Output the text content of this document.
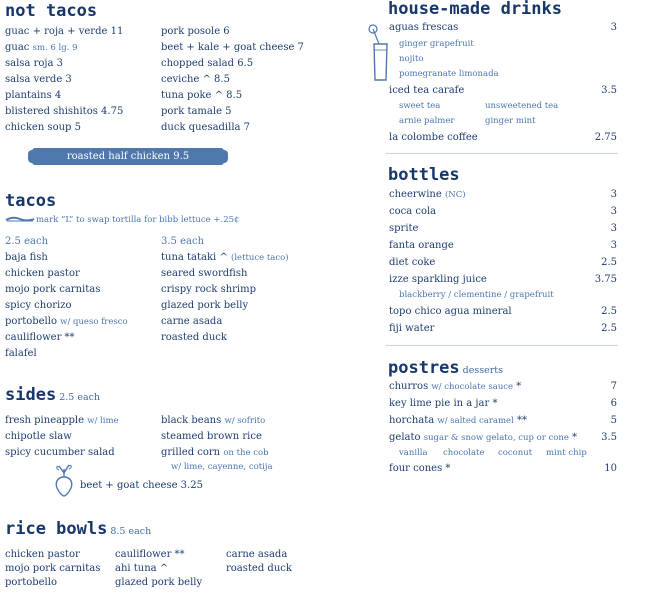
not tacos
guac + roja + verde 11
guac sm. 6 lg. 9
salsa roja 3
salsa verde 3
plantains 4
blistered shishitos 4.75
chicken soup 5
pork posole 6
beet + kale + goat cheese 7
chopped salad 6.5
ceviche ^ 8.5
tuna poke ^ 8.5
pork tamale 5
duck quesadilla 7
roasted half chicken 9.5
tacos
mark “L” to swap tortilla for bibb lettuce +.25¢
2.5 each	3.5 each
baja fish
chicken pastor
mojo pork carnitas
spicy chorizo
portobello w/ queso fresco
cauliflower **
falafel
tuna tataki ^ (lettuce taco)
seared swordfish
crispy rock shrimp
glazed pork belly
carne asada
roasted duck
sides 2.5 each
fresh pineapple w/ lime
chipotle slaw
spicy cucumber salad
black beans w/ sofrito
steamed brown rice
grilled corn on the cob
w/ lime, cayenne, cotija
beet + goat cheese 3.25
rice bowls 8.5 each
chicken pastor
mojo pork carnitas
portobello
cauliflower **
ahi tuna ^
glazed pork belly
carne asada
roasted duck
house-made drinks
aguas frescas	3
ginger grapefruit
nojito
pomegranate limonada
iced tea carafe	3.5
sweet tea	unsweetened tea
arnie palmer	ginger mint
la colombe coffee	2.75
bottles
cheerwine (NC)	3
coca cola	3
sprite	3
fanta orange	3
diet coke	2.5
izze sparkling juice	3.75
blackberry / clementine / grapefruit
topo chico agua mineral	2.5
fiji water	2.5
postres desserts
churros w/ chocolate sauce *	7
key lime pie in a jar *	6
horchata w/ salted caramel **	5
gelato sugar & snow gelato, cup or cone *	3.5
vanilla chocolate coconut mint chip
four cones *	10
